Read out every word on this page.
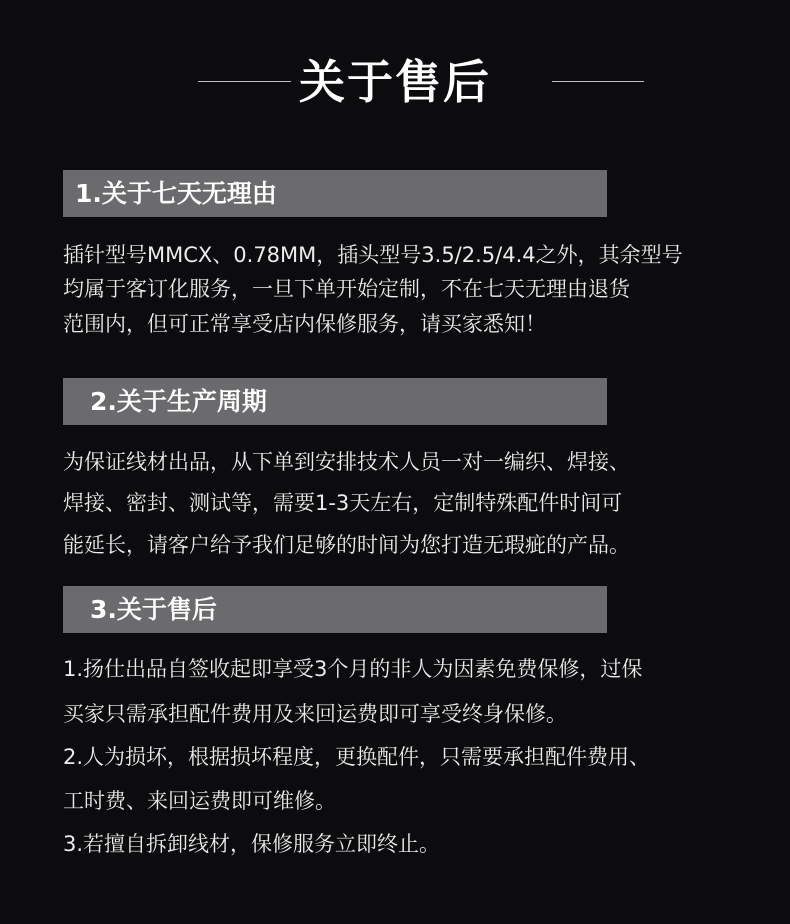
关于售后
1.关于七天无理由
插针型号MMCX、0.78MM，插头型号3.5/2.5/4.4之外，其余型号
均属于客订化服务，一旦下单开始定制，不在七天无理由退货
范围内，但可正常享受店内保修服务，请买家悉知！
2.关于生产周期
为保证线材出品，从下单到安排技术人员一对一编织、焊接、
焊接、密封、测试等，需要1-3天左右，定制特殊配件时间可
能延长，请客户给予我们足够的时间为您打造无瑕疵的产品。
3.关于售后
1.扬仕出品自签收起即享受3个月的非人为因素免费保修，过保
买家只需承担配件费用及来回运费即可享受终身保修。
2.人为损坏，根据损坏程度，更换配件，只需要承担配件费用、
工时费、来回运费即可维修。
3.若擅自拆卸线材，保修服务立即终止。
